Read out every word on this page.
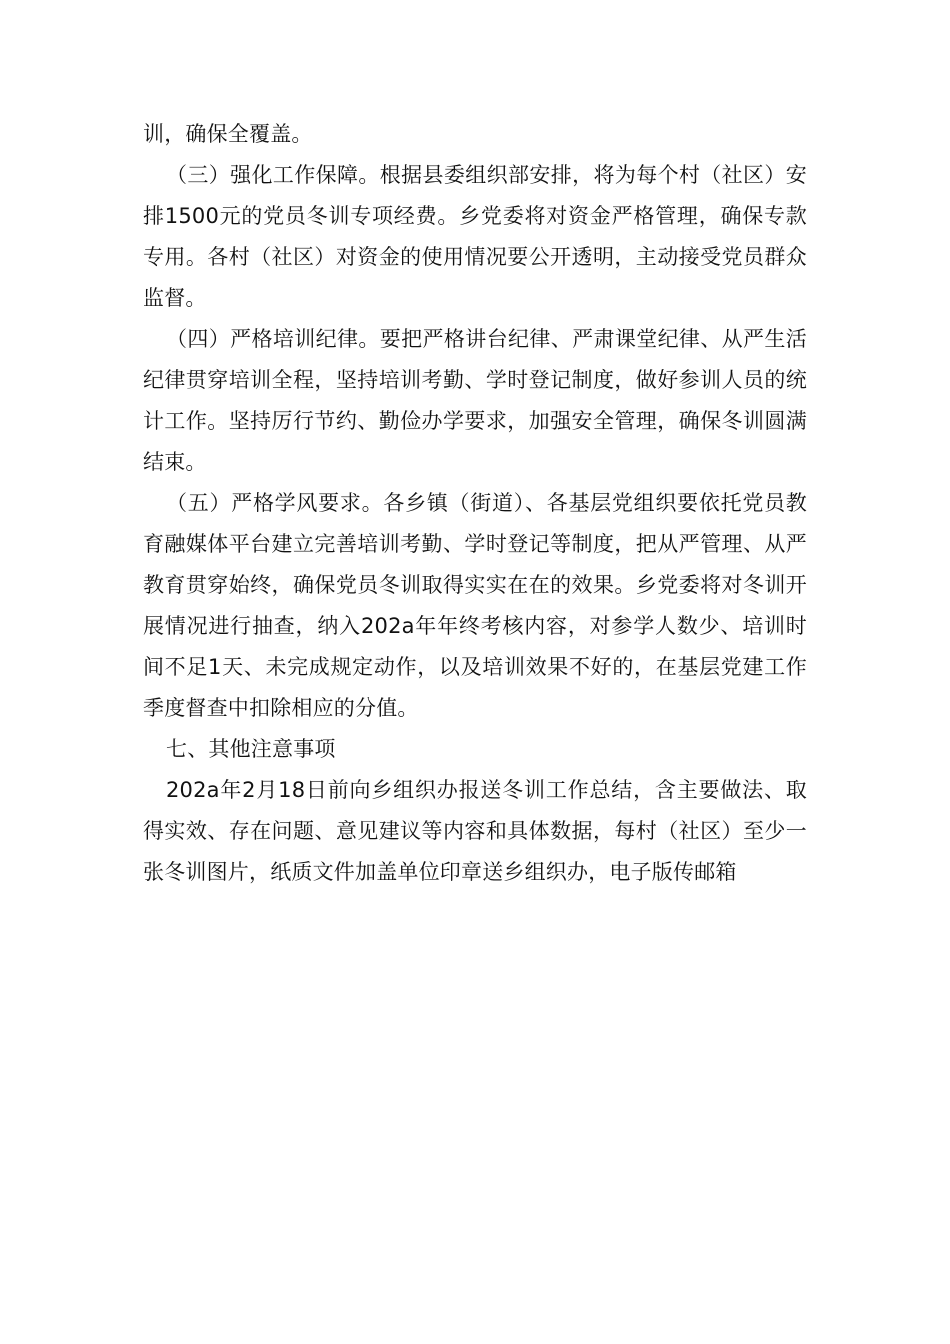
训，确保全覆盖。

（三）强化工作保障。根据县委组织部安排，将为每个村（社区）安排1500元的党员冬训专项经费。乡党委将对资金严格管理，确保专款专用。各村（社区）对资金的使用情况要公开透明，主动接受党员群众监督。

（四）严格培训纪律。要把严格讲台纪律、严肃课堂纪律、从严生活纪律贯穿培训全程，坚持培训考勤、学时登记制度，做好参训人员的统计工作。坚持厉行节约、勤俭办学要求，加强安全管理，确保冬训圆满结束。

（五）严格学风要求。各乡镇（街道）、各基层党组织要依托党员教育融媒体平台建立完善培训考勤、学时登记等制度，把从严管理、从严教育贯穿始终，确保党员冬训取得实实在在的效果。乡党委将对冬训开展情况进行抽查，纳入202a年年终考核内容，对参学人数少、培训时间不足1天、未完成规定动作，以及培训效果不好的，在基层党建工作季度督查中扣除相应的分值。

七、其他注意事项

202a年2月18日前向乡组织办报送冬训工作总结，含主要做法、取得实效、存在问题、意见建议等内容和具体数据，每村（社区）至少一张冬训图片，纸质文件加盖单位印章送乡组织办，电子版传邮箱
